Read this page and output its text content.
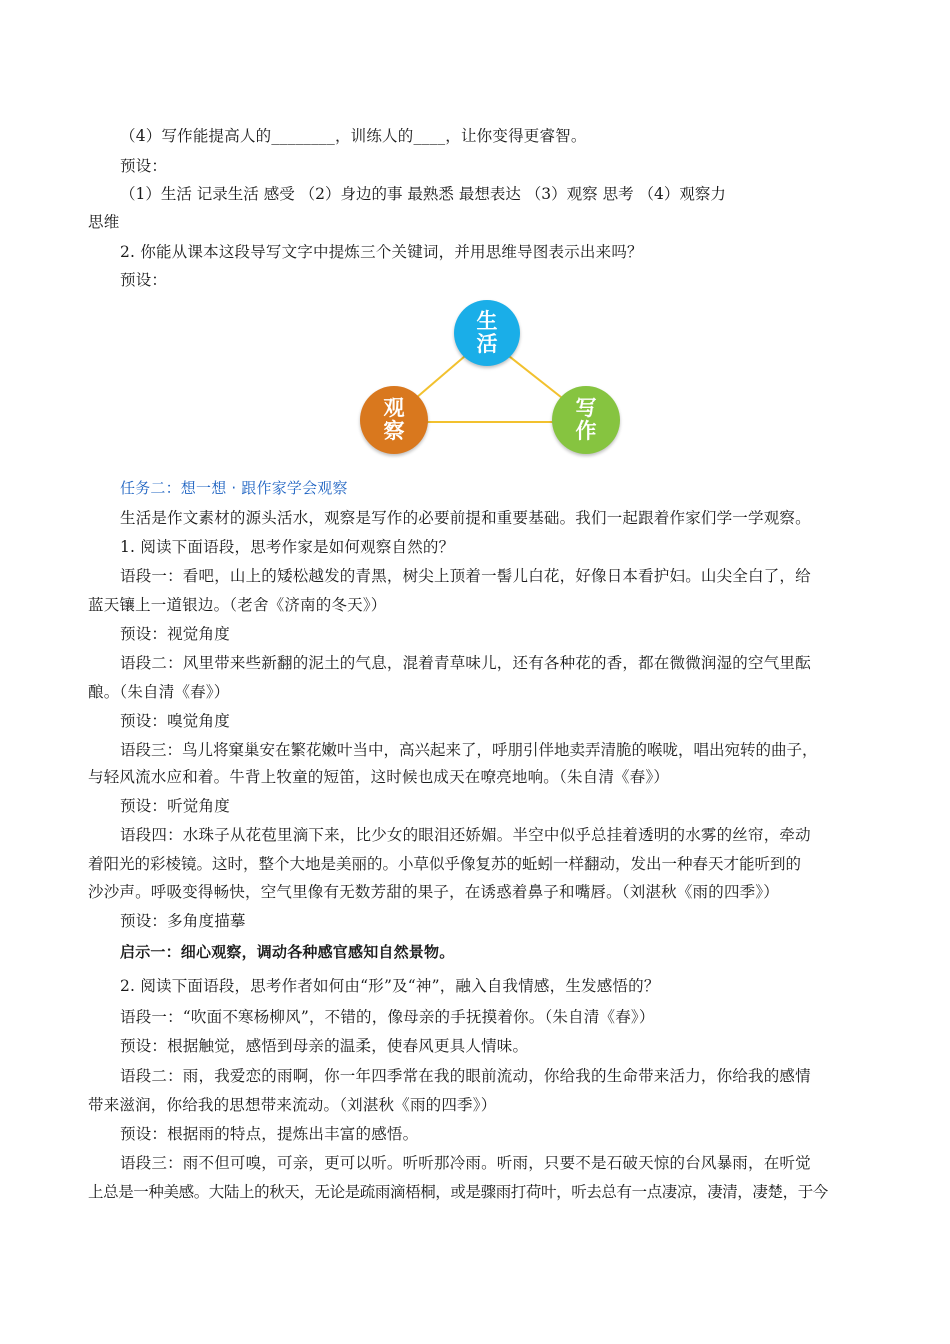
（4）写作能提高人的________，训练人的____，让你变得更睿智。
预设：
（1）生活 记录生活 感受 （2）身边的事 最熟悉 最想表达 （3）观察 思考 （4）观察力
思维
2. 你能从课本这段导写文字中提炼三个关键词，并用思维导图表示出来吗？
预设：
生
活
观
察
写
作
任务二：想一想 · 跟作家学会观察
生活是作文素材的源头活水，观察是写作的必要前提和重要基础。我们一起跟着作家们学一学观察。
1. 阅读下面语段，思考作家是如何观察自然的？
语段一：看吧，山上的矮松越发的青黑，树尖上顶着一髻儿白花，好像日本看护妇。山尖全白了，给
蓝天镶上一道银边。（老舍《济南的冬天》）
预设：视觉角度
语段二：风里带来些新翻的泥土的气息，混着青草味儿，还有各种花的香，都在微微润湿的空气里酝
酿。（朱自清《春》）
预设：嗅觉角度
语段三：鸟儿将窠巢安在繁花嫩叶当中，高兴起来了，呼朋引伴地卖弄清脆的喉咙，唱出宛转的曲子，
与轻风流水应和着。牛背上牧童的短笛，这时候也成天在嘹亮地响。（朱自清《春》）
预设：听觉角度
语段四：水珠子从花苞里滴下来，比少女的眼泪还娇媚。半空中似乎总挂着透明的水雾的丝帘，牵动
着阳光的彩棱镜。这时，整个大地是美丽的。小草似乎像复苏的蚯蚓一样翻动，发出一种春天才能听到的
沙沙声。呼吸变得畅快，空气里像有无数芳甜的果子，在诱惑着鼻子和嘴唇。（刘湛秋《雨的四季》）
预设：多角度描摹
启示一：细心观察，调动各种感官感知自然景物。
2. 阅读下面语段，思考作者如何由“形”及“神”，融入自我情感，生发感悟的？
语段一：“吹面不寒杨柳风”，不错的，像母亲的手抚摸着你。（朱自清《春》）
预设：根据触觉，感悟到母亲的温柔，使春风更具人情味。
语段二：雨，我爱恋的雨啊，你一年四季常在我的眼前流动，你给我的生命带来活力，你给我的感情
带来滋润，你给我的思想带来流动。（刘湛秋《雨的四季》）
预设：根据雨的特点，提炼出丰富的感悟。
语段三：雨不但可嗅，可亲，更可以听。听听那冷雨。听雨，只要不是石破天惊的台风暴雨，在听觉
上总是一种美感。大陆上的秋天，无论是疏雨滴梧桐，或是骤雨打荷叶，听去总有一点凄凉，凄清，凄楚，于今
